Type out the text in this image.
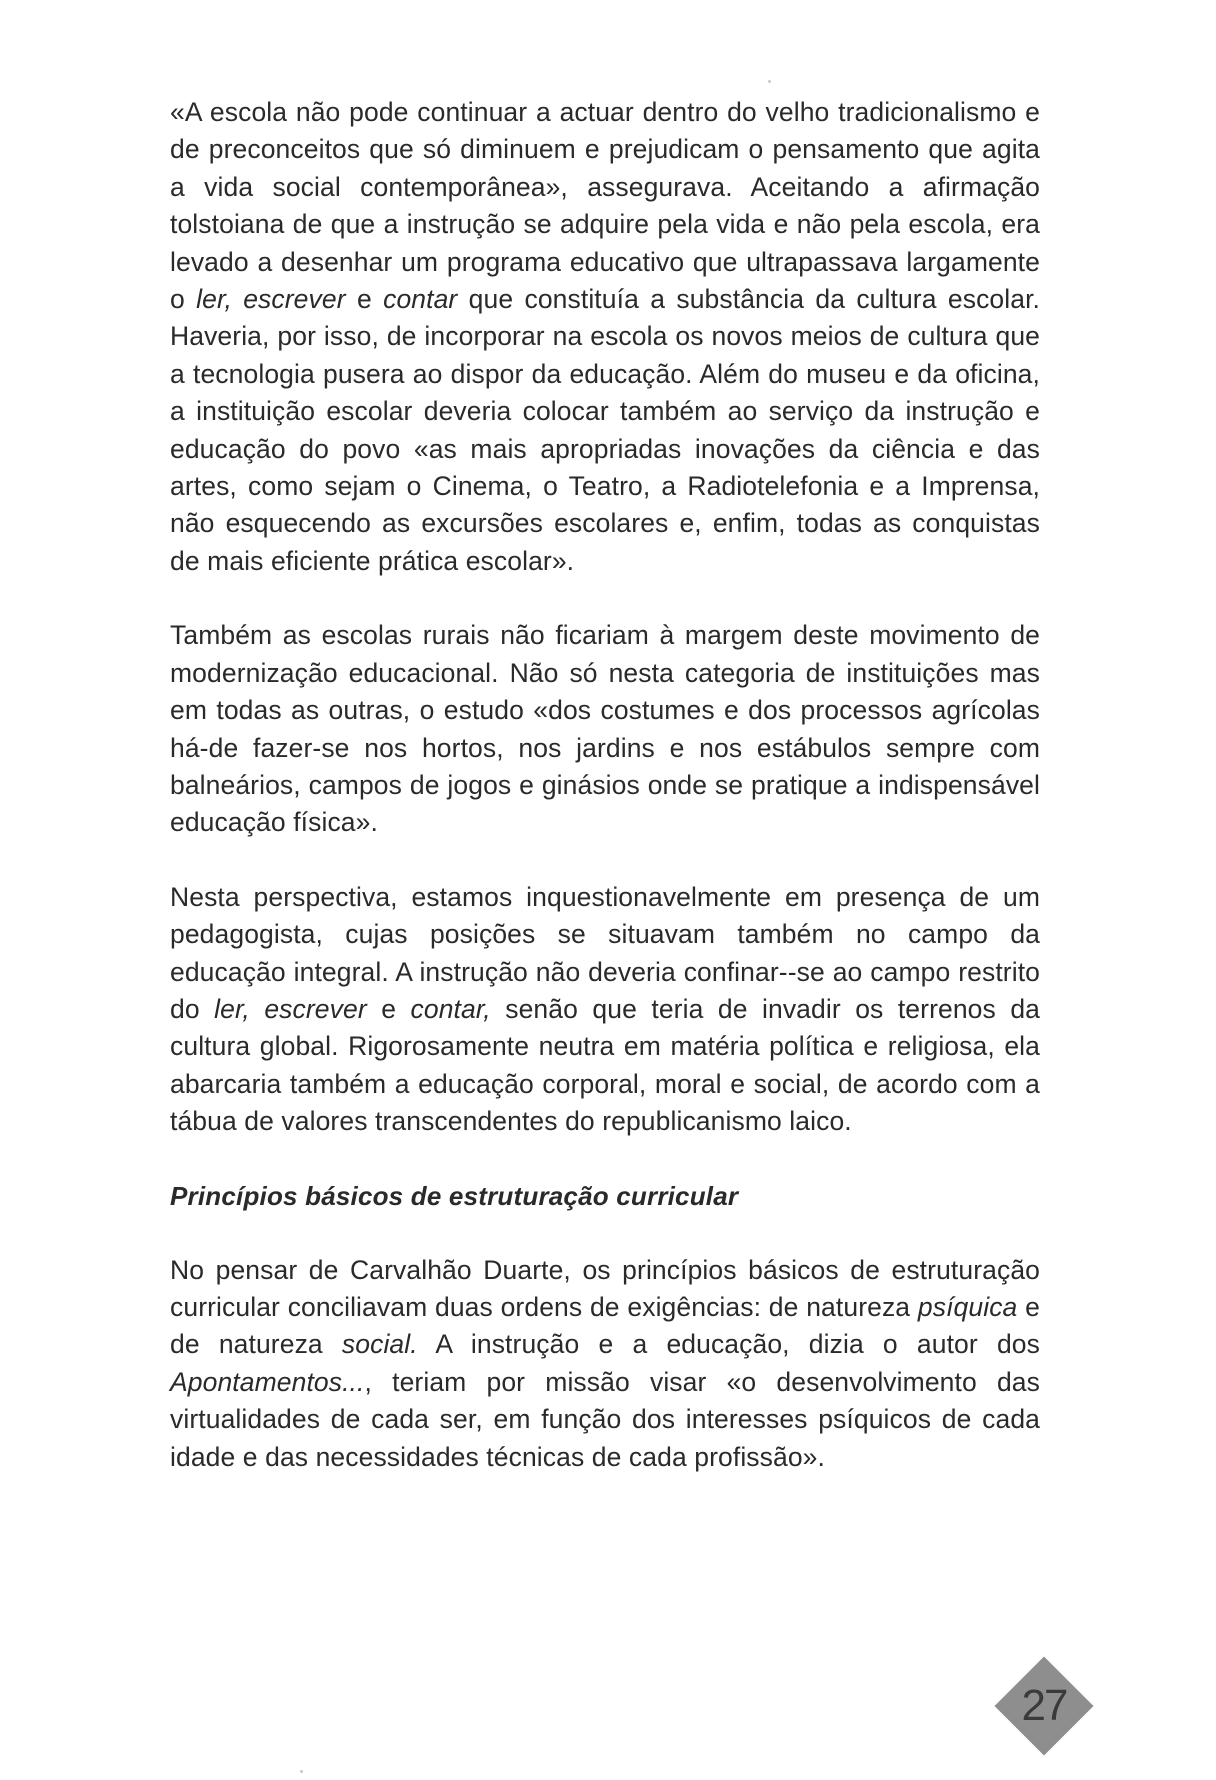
«A escola não pode continuar a actuar dentro do velho tradicionalismo e de preconceitos que só diminuem e prejudicam o pensamento que agita a vida social contemporânea», assegurava. Aceitando a afirmação tolstoiana de que a instrução se adquire pela vida e não pela escola, era levado a desenhar um programa educativo que ultrapassava largamente o ler, escrever e contar que constituía a substância da cultura escolar. Haveria, por isso, de incorporar na escola os novos meios de cultura que a tecnologia pusera ao dispor da educação. Além do museu e da oficina, a instituição escolar deveria colocar também ao serviço da instrução e educação do povo «as mais apropriadas inovações da ciência e das artes, como sejam o Cinema, o Teatro, a Radiotelefonia e a Imprensa, não esquecendo as excursões escolares e, enfim, todas as conquistas de mais eficiente prática escolar».

Também as escolas rurais não ficariam à margem deste movimento de modernização educacional. Não só nesta categoria de instituições mas em todas as outras, o estudo «dos costumes e dos processos agrícolas há-de fazer-se nos hortos, nos jardins e nos estábulos sempre com balneários, campos de jogos e ginásios onde se pratique a indispensável educação física».

Nesta perspectiva, estamos inquestionavelmente em presença de um pedagogista, cujas posições se situavam também no campo da educação integral. A instrução não deveria confinar--se ao campo restrito do ler, escrever e contar, senão que teria de invadir os terrenos da cultura global. Rigorosamente neutra em matéria política e religiosa, ela abarcaria também a educação corporal, moral e social, de acordo com a tábua de valores transcendentes do republicanismo laico.

Princípios básicos de estruturação curricular

No pensar de Carvalhão Duarte, os princípios básicos de estruturação curricular conciliavam duas ordens de exigências: de natureza psíquica e de natureza social. A instrução e a educação, dizia o autor dos Apontamentos..., teriam por missão visar «o desenvolvimento das virtualidades de cada ser, em função dos interesses psíquicos de cada idade e das necessidades técnicas de cada profissão».

27
